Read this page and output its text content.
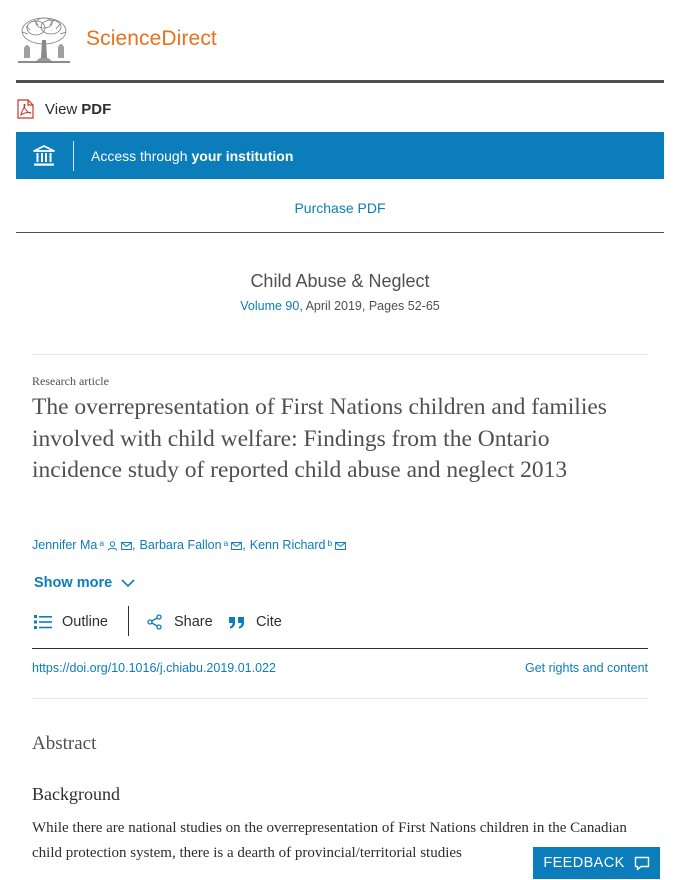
ScienceDirect
View PDF
Access through your institution
Purchase PDF
Child Abuse & Neglect
Volume 90, April 2019, Pages 52-65
Research article
The overrepresentation of First Nations children and families involved with child welfare: Findings from the Ontario incidence study of reported child abuse and neglect 2013
Jennifer Ma a , Barbara Fallon a , Kenn Richard b
Show more
Outline	Share	Cite
https://doi.org/10.1016/j.chiabu.2019.01.022	Get rights and content
Abstract
Background

While there are national studies on the overrepresentation of First Nations children in the Canadian child protection system, there is a dearth of provincial/territorial studies

FEEDBACK
